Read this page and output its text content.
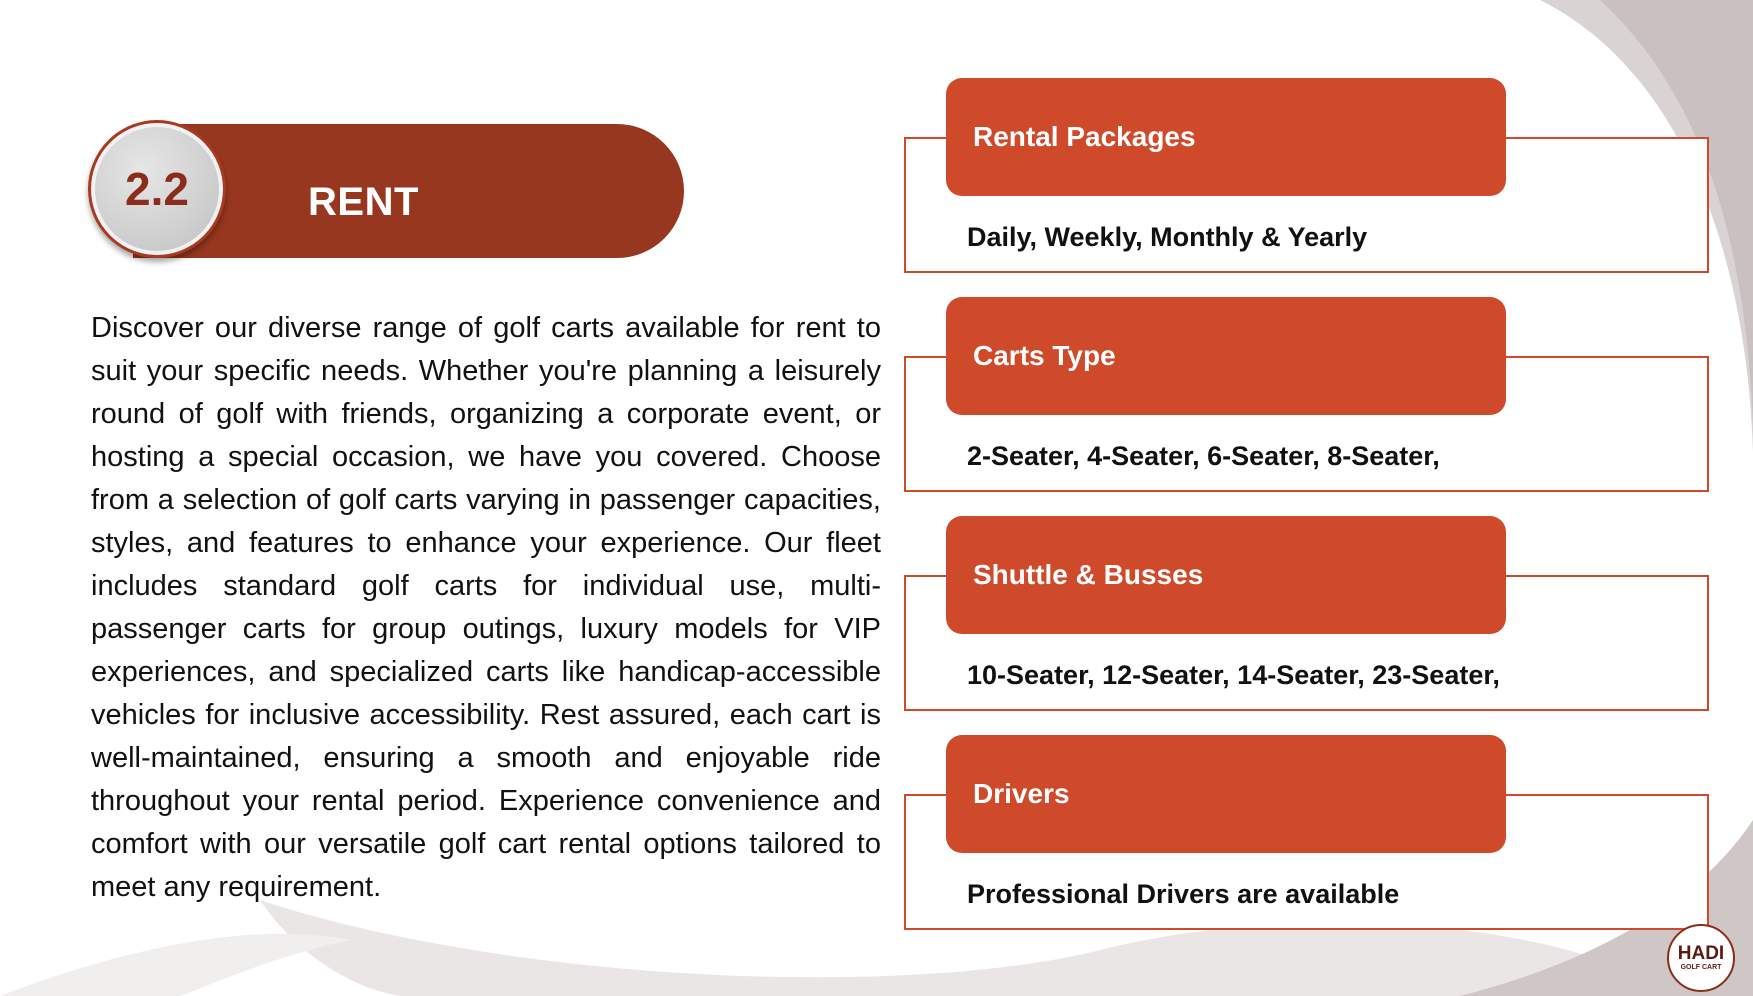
RENT
2.2
Discover our diverse range of golf carts available for rent to suit your specific needs. Whether you're planning a leisurely round of golf with friends, organizing a corporate event, or hosting a special occasion, we have you covered. Choose from a selection of golf carts varying in passenger capacities, styles, and features to enhance your experience. Our fleet includes standard golf carts for individual use, multi-passenger carts for group outings, luxury models for VIP experiences, and specialized carts like handicap-accessible vehicles for inclusive accessibility. Rest assured, each cart is well-maintained, ensuring a smooth and enjoyable ride throughout your rental period. Experience convenience and comfort with our versatile golf cart rental options tailored to meet any requirement.
Rental Packages
Daily, Weekly, Monthly & Yearly
Carts Type
2-Seater, 4-Seater, 6-Seater, 8-Seater,
Shuttle & Busses
10-Seater, 12-Seater, 14-Seater, 23-Seater,
Drivers
Professional Drivers are available
HADI
GOLF CART
